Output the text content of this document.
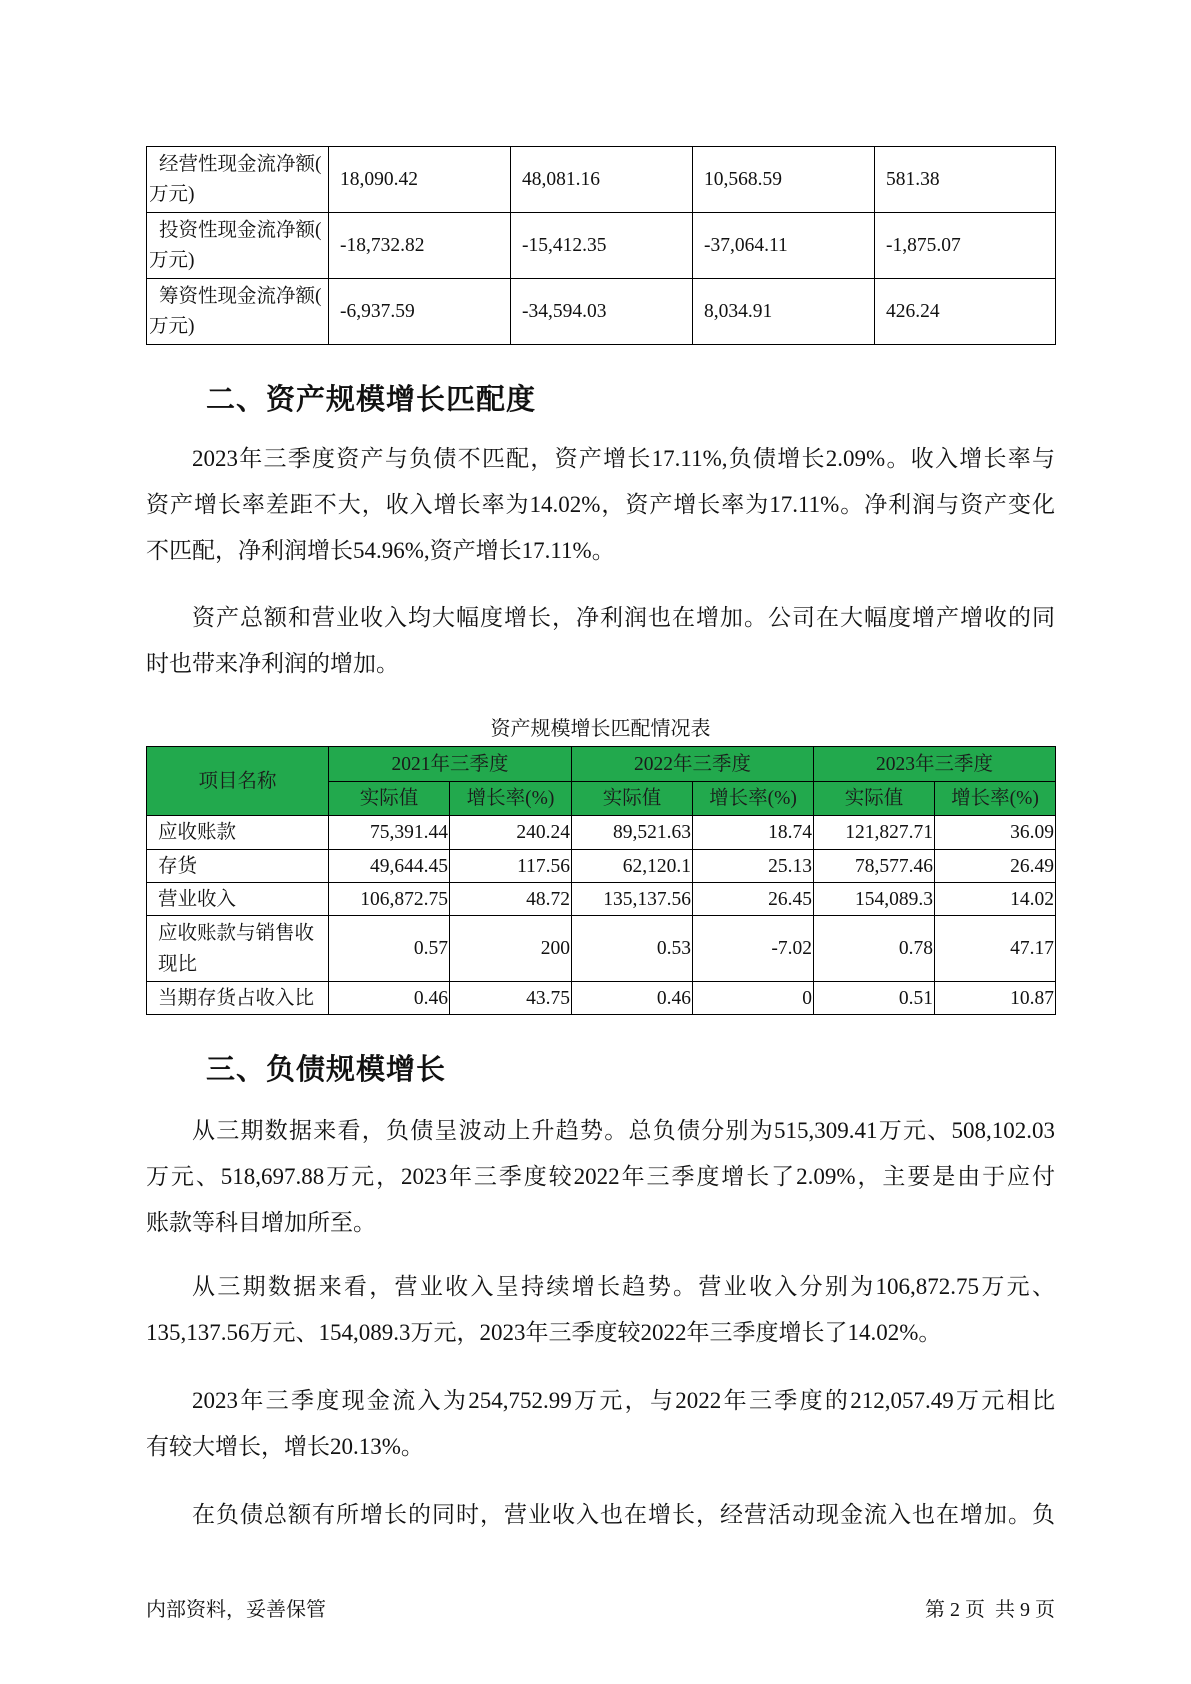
经营性现金流净额(万元)	18,090.42	48,081.16	10,568.59	581.38
投资性现金流净额(万元)	-18,732.82	-15,412.35	-37,064.11	-1,875.07
筹资性现金流净额(万元)	-6,937.59	-34,594.03	8,034.91	426.24
二、资产规模增长匹配度
2023年三季度资产与负债不匹配，资产增长17.11%,负债增长2.09%。收入增长率与
资产增长率差距不大，收入增长率为14.02%，资产增长率为17.11%。净利润与资产变化
不匹配，净利润增长54.96%,资产增长17.11%。
资产总额和营业收入均大幅度增长，净利润也在增加。公司在大幅度增产增收的同
时也带来净利润的增加。
资产规模增长匹配情况表
项目名称	2021年三季度		2022年三季度		2023年三季度	
	实际值	增长率(%)	实际值	增长率(%)	实际值	增长率(%)
应收账款	75,391.44	240.24	89,521.63	18.74	121,827.71	36.09
存货	49,644.45	117.56	62,120.1	25.13	78,577.46	26.49
营业收入	106,872.75	48.72	135,137.56	26.45	154,089.3	14.02
应收账款与销售收现比	0.57	200	0.53	-7.02	0.78	47.17
当期存货占收入比	0.46	43.75	0.46	0	0.51	10.87
三、负债规模增长
从三期数据来看，负债呈波动上升趋势。总负债分别为515,309.41万元、508,102.03
万元、518,697.88万元，2023年三季度较2022年三季度增长了2.09%，主要是由于应付
账款等科目增加所至。
从三期数据来看，营业收入呈持续增长趋势。营业收入分别为106,872.75万元、
135,137.56万元、154,089.3万元，2023年三季度较2022年三季度增长了14.02%。
2023年三季度现金流入为254,752.99万元，与2022年三季度的212,057.49万元相比
有较大增长，增长20.13%。
在负债总额有所增长的同时，营业收入也在增长，经营活动现金流入也在增加。负
内部资料，妥善保管	第 2 页  共 9 页
